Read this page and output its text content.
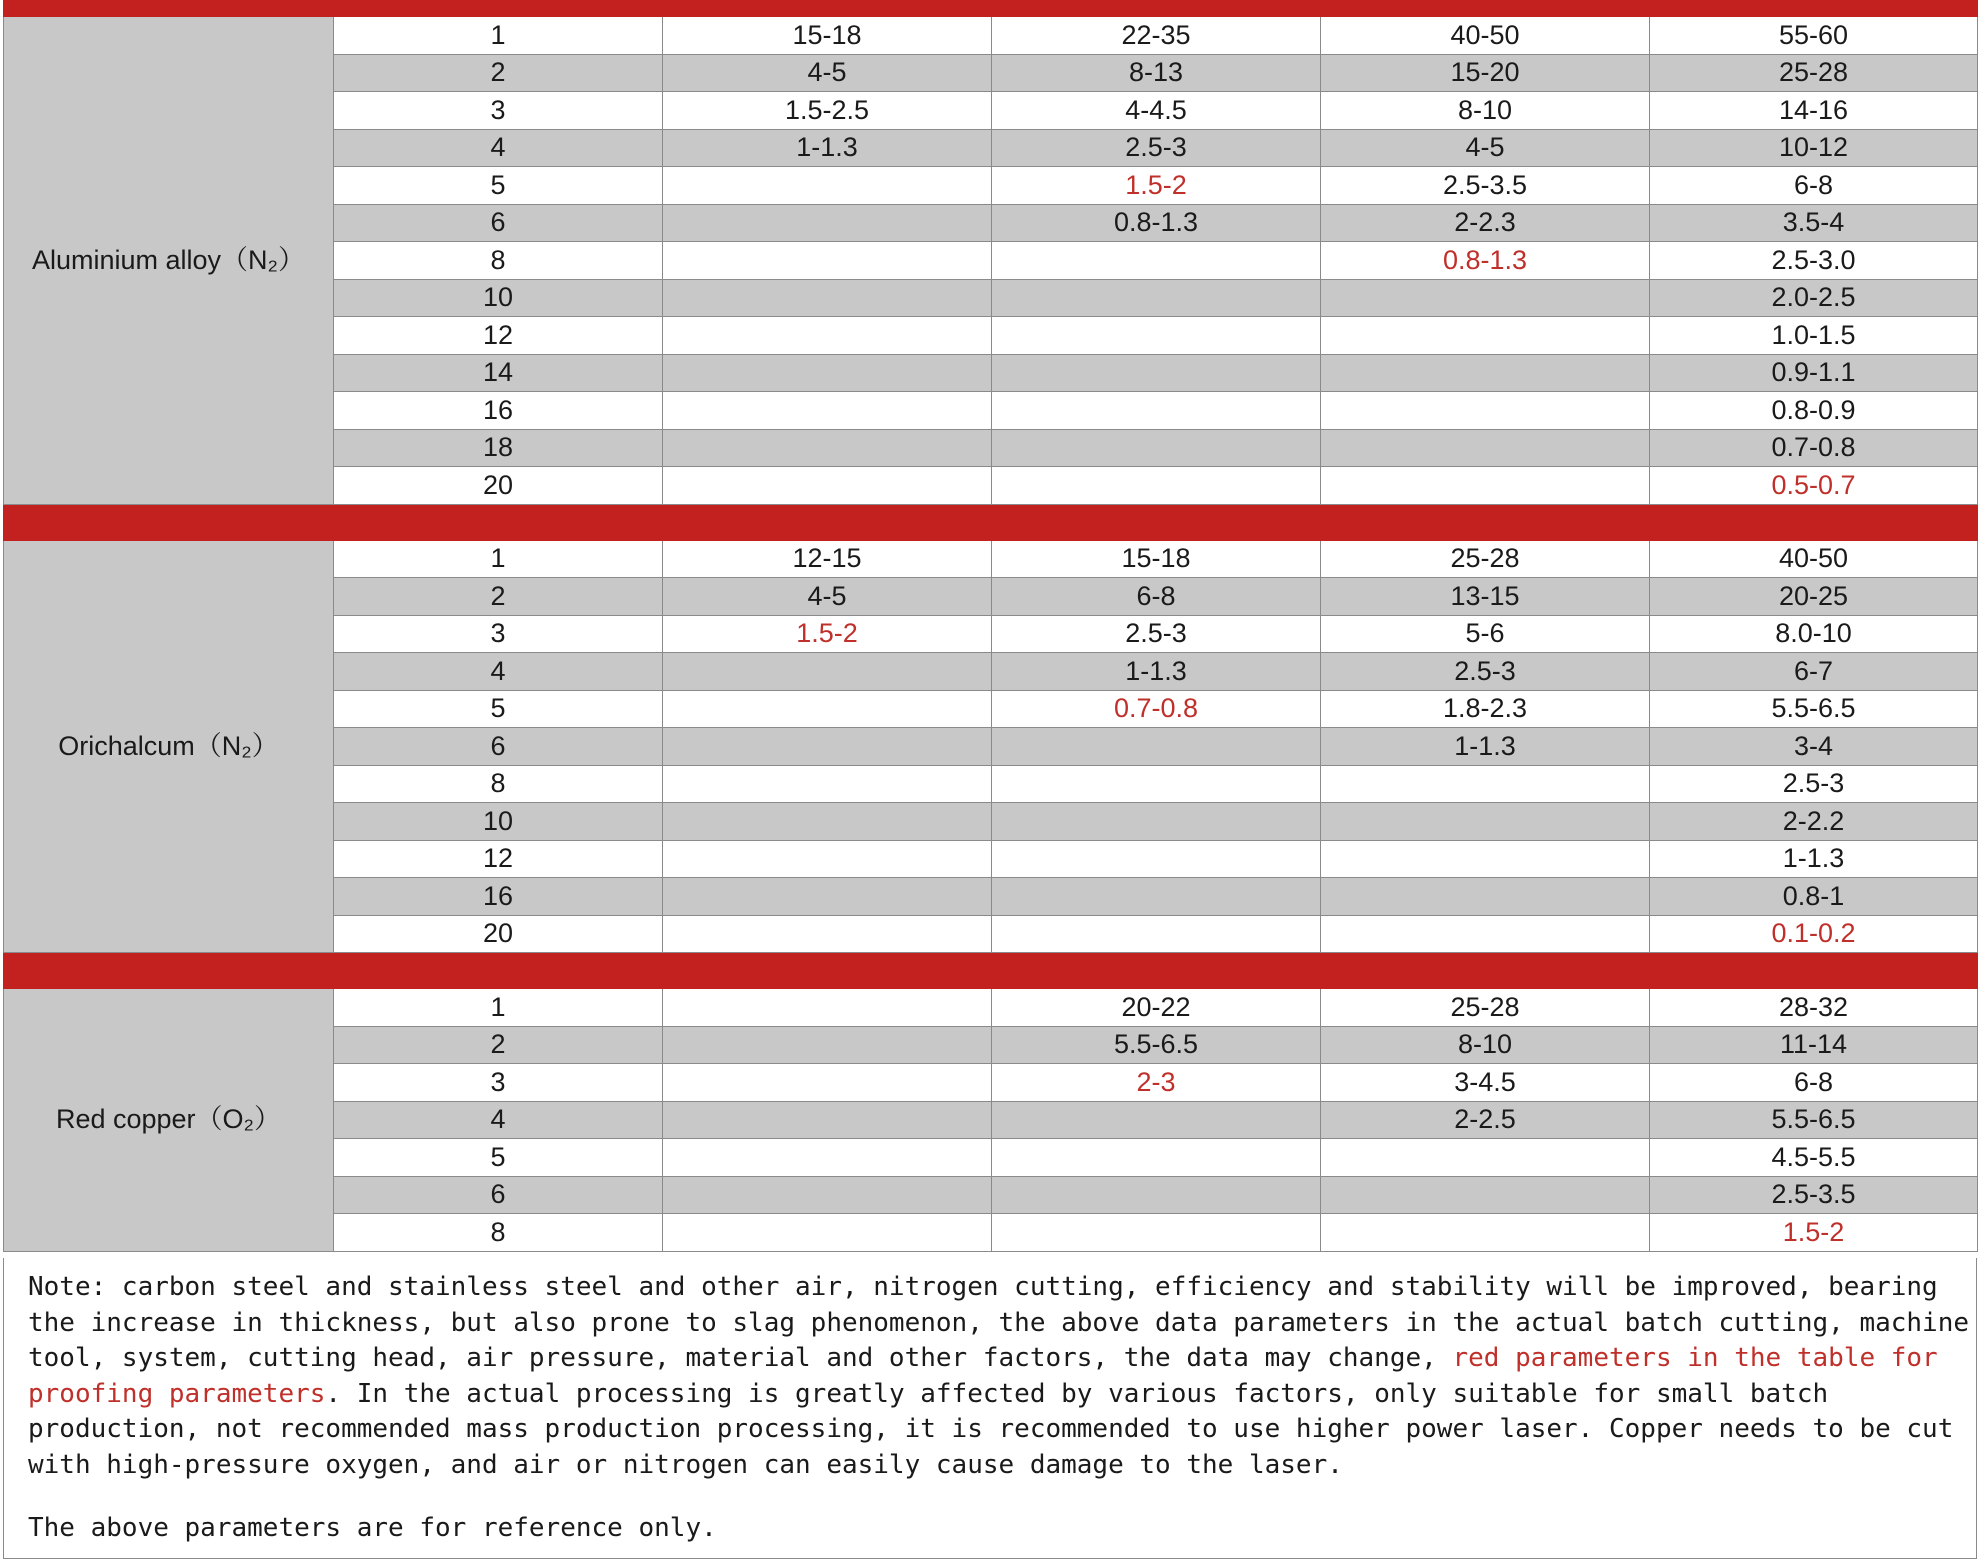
Aluminium alloy（N₂）	1	15-18	22-35	40-50	55-60
	2	4-5	8-13	15-20	25-28
	3	1.5-2.5	4-4.5	8-10	14-16
	4	1-1.3	2.5-3	4-5	10-12
	5		1.5-2	2.5-3.5	6-8
	6		0.8-1.3	2-2.3	3.5-4
	8			0.8-1.3	2.5-3.0
	10				2.0-2.5
	12				1.0-1.5
	14				0.9-1.1
	16				0.8-0.9
	18				0.7-0.8
	20				0.5-0.7

Orichalcum（N₂）	1	12-15	15-18	25-28	40-50
	2	4-5	6-8	13-15	20-25
	3	1.5-2	2.5-3	5-6	8.0-10
	4		1-1.3	2.5-3	6-7
	5		0.7-0.8	1.8-2.3	5.5-6.5
	6			1-1.3	3-4
	8				2.5-3
	10				2-2.2
	12				1-1.3
	16				0.8-1
	20				0.1-0.2

Red copper（O₂）	1		20-22	25-28	28-32
	2		5.5-6.5	8-10	11-14
	3		2-3	3-4.5	6-8
	4			2-2.5	5.5-6.5
	5				4.5-5.5
	6				2.5-3.5
	8				1.5-2

Note: carbon steel and stainless steel and other air, nitrogen cutting, efficiency and stability will be improved, bearing the increase in thickness, but also prone to slag phenomenon, the above data parameters in the actual batch cutting, machine tool, system, cutting head, air pressure, material and other factors, the data may change, red parameters in the table for proofing parameters. In the actual processing is greatly affected by various factors, only suitable for small batch production, not recommended mass production processing, it is recommended to use higher power laser. Copper needs to be cut with high-pressure oxygen, and air or nitrogen can easily cause damage to the laser.

The above parameters are for reference only.
